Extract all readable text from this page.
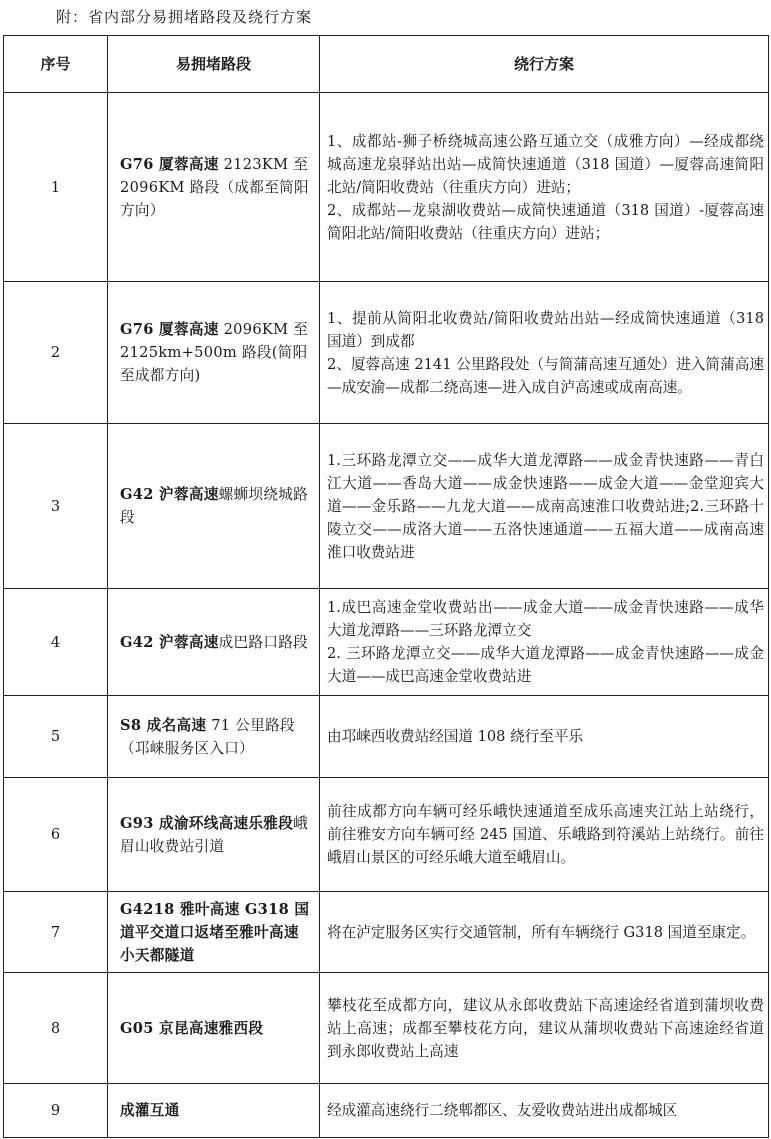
附：省内部分易拥堵路段及绕行方案
序号	易拥堵路段	绕行方案
1	G76 厦蓉高速 2123KM 至 2096KM 路段（成都至简阳方向）	1、成都站-狮子桥绕城高速公路互通立交（成雅方向）—经成都绕城高速龙泉驿站出站—成简快速通道（318 国道）—厦蓉高速简阳北站/简阳收费站（往重庆方向）进站；
2、成都站—龙泉湖收费站—成简快速通道（318 国道）-厦蓉高速简阳北站/简阳收费站（往重庆方向）进站；

2	G76 厦蓉高速 2096KM 至 2125km+500m 路段(简阳至成都方向)	1、提前从简阳北收费站/简阳收费站出站—经成简快速通道（318 国道）到成都
2、厦蓉高速 2141 公里路段处（与简蒲高速互通处）进入简蒲高速—成安渝—成都二绕高速—进入成自泸高速或成南高速。

3	G42 沪蓉高速螺蛳坝绕城路段	1.三环路龙潭立交——成华大道龙潭路——成金青快速路——青白江大道——香岛大道——成金快速路——成金大道——金堂迎宾大道——金乐路——九龙大道——成南高速淮口收费站进;2.三环路十陵立交——成洛大道——五洛快速通道——五福大道——成南高速淮口收费站进

4	G42 沪蓉高速成巴路口路段	1.成巴高速金堂收费站出——成金大道——成金青快速路——成华大道龙潭路——三环路龙潭立交
2. 三环路龙潭立交——成华大道龙潭路——成金青快速路——成金大道——成巴高速金堂收费站进

5	S8 成名高速 71 公里路段（邛崃服务区入口）	由邛崃西收费站经国道 108 绕行至平乐

6	G93 成渝环线高速乐雅段峨眉山收费站引道	前往成都方向车辆可经乐峨快速通道至成乐高速夹江站上站绕行，前往雅安方向车辆可经 245 国道、乐峨路到符溪站上站绕行。前往峨眉山景区的可经乐峨大道至峨眉山。

7	G4218 雅叶高速 G318 国道平交道口返堵至雅叶高速小天都隧道	将在泸定服务区实行交通管制，所有车辆绕行 G318 国道至康定。

8	G05 京昆高速雅西段	攀枝花至成都方向，建议从永郎收费站下高速途经省道到蒲坝收费站上高速；成都至攀枝花方向，建议从蒲坝收费站下高速途经省道到永郎收费站上高速

9	成灌互通	经成灌高速绕行二绕郫都区、友爱收费站进出成都城区
